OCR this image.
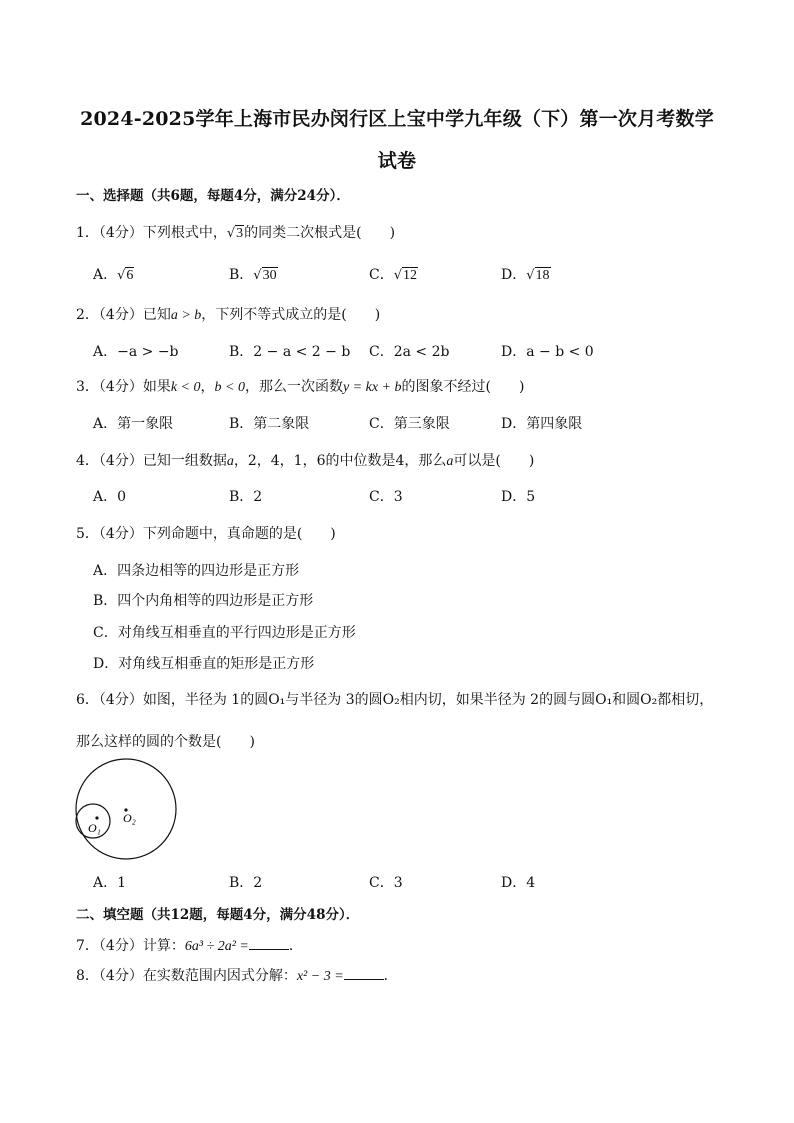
2024-2025学年上海市民办闵行区上宝中学九年级（下）第一次月考数学
试卷
一、选择题（共6题，每题4分，满分24分）．
1．（4分）下列根式中，√3的同类二次根式是(　　)
A．√6	B．√30	C．√12	D．√18
2．（4分）已知a > b，下列不等式成立的是(　　)
A．−a > −b	B．2 − a < 2 − b C．2a < 2b	D．a − b < 0
3．（4分）如果k < 0，b < 0，那么一次函数y = kx + b的图象不经过(　　)
A．第一象限	B．第二象限	C．第三象限	D．第四象限
4．（4分）已知一组数据a，2，4，1，6的中位数是4，那么a可以是(　　)
A．0	B．2	C．3	D．5
5．（4分）下列命题中，真命题的是(　　)
A．四条边相等的四边形是正方形
B．四个内角相等的四边形是正方形
C．对角线互相垂直的平行四边形是正方形
D．对角线互相垂直的矩形是正方形
6．（4分）如图，半径为 1的圆O₁与半径为 3的圆O₂相内切，如果半径为 2的圆与圆O₁和圆O₂都相切，
那么这样的圆的个数是(　　)
O₁
O₂
A．1	B．2	C．3	D．4
二、填空题（共12题，每题4分，满分48分）．
7．（4分）计算：6a³ ÷ 2a² =	．
8．（4分）在实数范围内因式分解：x² − 3 =	．
